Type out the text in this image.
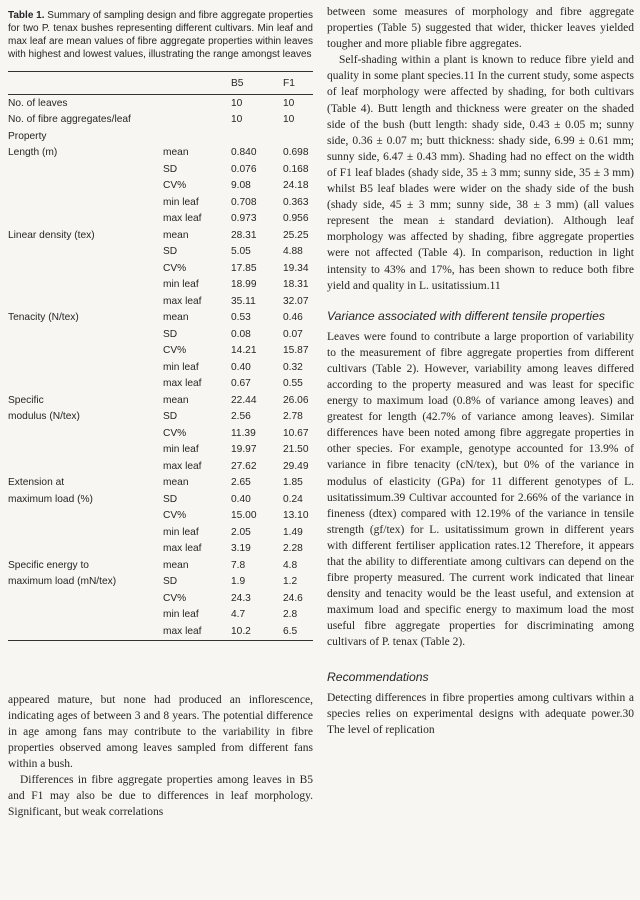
Table 1. Summary of sampling design and fibre aggregate properties for two P. tenax bushes representing different cultivars. Min leaf and max leaf are mean values of fibre aggregate properties within leaves with highest and lowest values, illustrating the range amongst leaves

		B5	F1
No. of leaves		10	10
No. of fibre aggregates/leaf		10	10
Property			
Length (m)	mean	0.840	0.698
	SD	0.076	0.168
	CV%	9.08	24.18
	min leaf	0.708	0.363
	max leaf	0.973	0.956
Linear density (tex)	mean	28.31	25.25
	SD	5.05	4.88
	CV%	17.85	19.34
	min leaf	18.99	18.31
	max leaf	35.11	32.07
Tenacity (N/tex)	mean	0.53	0.46
	SD	0.08	0.07
	CV%	14.21	15.87
	min leaf	0.40	0.32
	max leaf	0.67	0.55
Specific	mean	22.44	26.06
modulus (N/tex)	SD	2.56	2.78
	CV%	11.39	10.67
	min leaf	19.97	21.50
	max leaf	27.62	29.49
Extension at	mean	2.65	1.85
maximum load (%)	SD	0.40	0.24
	CV%	15.00	13.10
	min leaf	2.05	1.49
	max leaf	3.19	2.28
Specific energy to	mean	7.8	4.8
maximum load (mN/tex)	SD	1.9	1.2
	CV%	24.3	24.6
	min leaf	4.7	2.8
	max leaf	10.2	6.5

appeared mature, but none had produced an inflorescence, indicating ages of between 3 and 8 years. The potential difference in age among fans may contribute to the variability in fibre properties observed among leaves sampled from different fans within a bush.

Differences in fibre aggregate properties among leaves in B5 and F1 may also be due to differences in leaf morphology. Significant, but weak correlations

between some measures of morphology and fibre aggregate properties (Table 5) suggested that wider, thicker leaves yielded tougher and more pliable fibre aggregates.

Self-shading within a plant is known to reduce fibre yield and quality in some plant species.11 In the current study, some aspects of leaf morphology were affected by shading, for both cultivars (Table 4). Butt length and thickness were greater on the shaded side of the bush (butt length: shady side, 0.43 ± 0.05 m; sunny side, 0.36 ± 0.07 m; butt thickness: shady side, 6.99 ± 0.61 mm; sunny side, 6.47 ± 0.43 mm). Shading had no effect on the width of F1 leaf blades (shady side, 35 ± 3 mm; sunny side, 35 ± 3 mm) whilst B5 leaf blades were wider on the shady side of the bush (shady side, 45 ± 3 mm; sunny side, 38 ± 3 mm) (all values represent the mean ± standard deviation). Although leaf morphology was affected by shading, fibre aggregate properties were not affected (Table 4). In comparison, reduction in light intensity to 43% and 17%, has been shown to reduce both fibre yield and quality in L. usitatissium.11

Variance associated with different tensile properties

Leaves were found to contribute a large proportion of variability to the measurement of fibre aggregate properties from different cultivars (Table 2). However, variability among leaves differed according to the property measured and was least for specific energy to maximum load (0.8% of variance among leaves) and greatest for length (42.7% of variance among leaves). Similar differences have been noted among fibre aggregate properties in other species. For example, genotype accounted for 13.9% of variance in fibre tenacity (cN/tex), but 0% of the variance in modulus of elasticity (GPa) for 11 different genotypes of L. usitatissimum.39 Cultivar accounted for 2.66% of the variance in fineness (dtex) compared with 12.19% of the variance in tensile strength (gf/tex) for L. usitatissimum grown in different years with different fertiliser application rates.12 Therefore, it appears that the ability to differentiate among cultivars can depend on the fibre property measured. The current work indicated that linear density and tenacity would be the least useful, and extension at maximum load and specific energy to maximum load the most useful fibre aggregate properties for discriminating among cultivars of P. tenax (Table 2).

Recommendations

Detecting differences in fibre properties among cultivars within a species relies on experimental designs with adequate power.30 The level of replication
